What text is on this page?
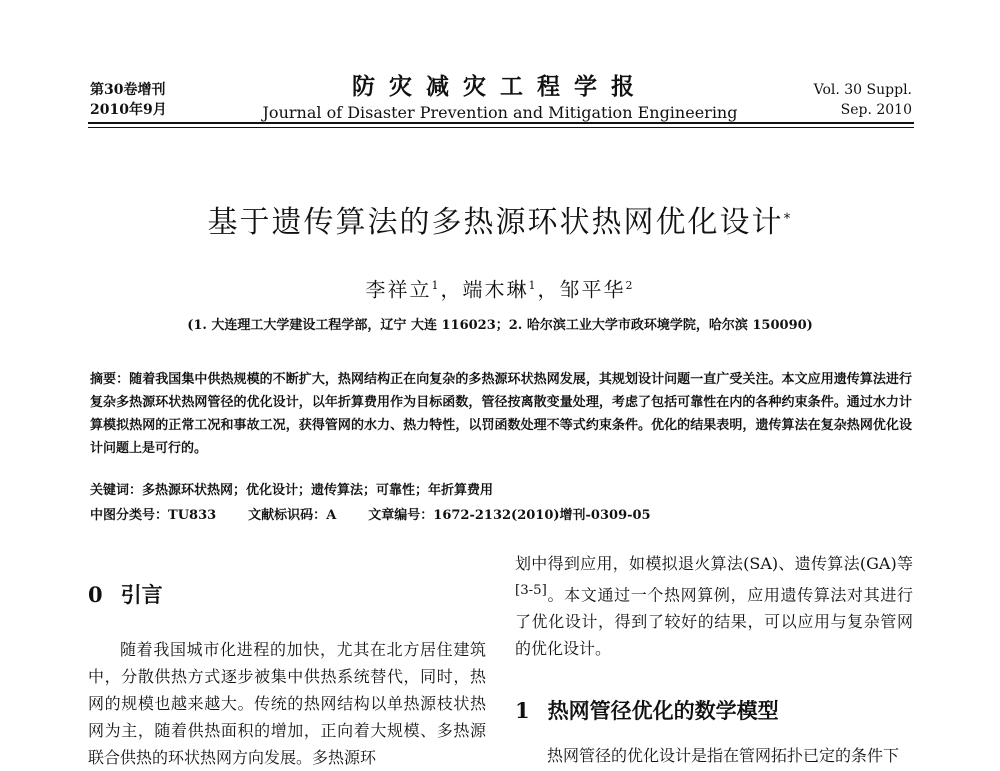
第30卷增刊
2010年9月
防灾减灾工程学报
Journal of Disaster Prevention and Mitigation Engineering
Vol. 30 Suppl.
Sep. 2010
基于遗传算法的多热源环状热网优化设计*
李祥立$^1$，端木琳$^1$，邹平华$^2$
(1. 大连理工大学建设工程学部，辽宁 大连 116023；2. 哈尔滨工业大学市政环境学院，哈尔滨 150090)
摘要：随着我国集中供热规模的不断扩大，热网结构正在向复杂的多热源环状热网发展，其规划设计问题一直广受关注。本文应用遗传算法进行复杂多热源环状热网管径的优化设计，以年折算费用作为目标函数，管径按离散变量处理，考虑了包括可靠性在内的各种约束条件。通过水力计算模拟热网的正常工况和事故工况，获得管网的水力、热力特性，以罚函数处理不等式约束条件。优化的结果表明，遗传算法在复杂热网优化设计问题上是可行的。
关键词：多热源环状热网；优化设计；遗传算法；可靠性；年折算费用
中图分类号：TU833 文献标识码：A 文章编号：1672-2132(2010)增刊-0309-05
0 引言
随着我国城市化进程的加快，尤其在北方居住建筑中，分散供热方式逐步被集中供热系统替代，同时，热网的规模也越来越大。传统的热网结构以单热源枝状热网为主，随着供热面积的增加，正向着大规模、多热源联合供热的环状热网方向发展。多热源环
划中得到应用，如模拟退火算法(SA)、遗传算法(GA)等[3-5]。本文通过一个热网算例，应用遗传算法对其进行了优化设计，得到了较好的结果，可以应用与复杂管网的优化设计。
1 热网管径优化的数学模型
热网管径的优化设计是指在管网拓扑已定的条件下
